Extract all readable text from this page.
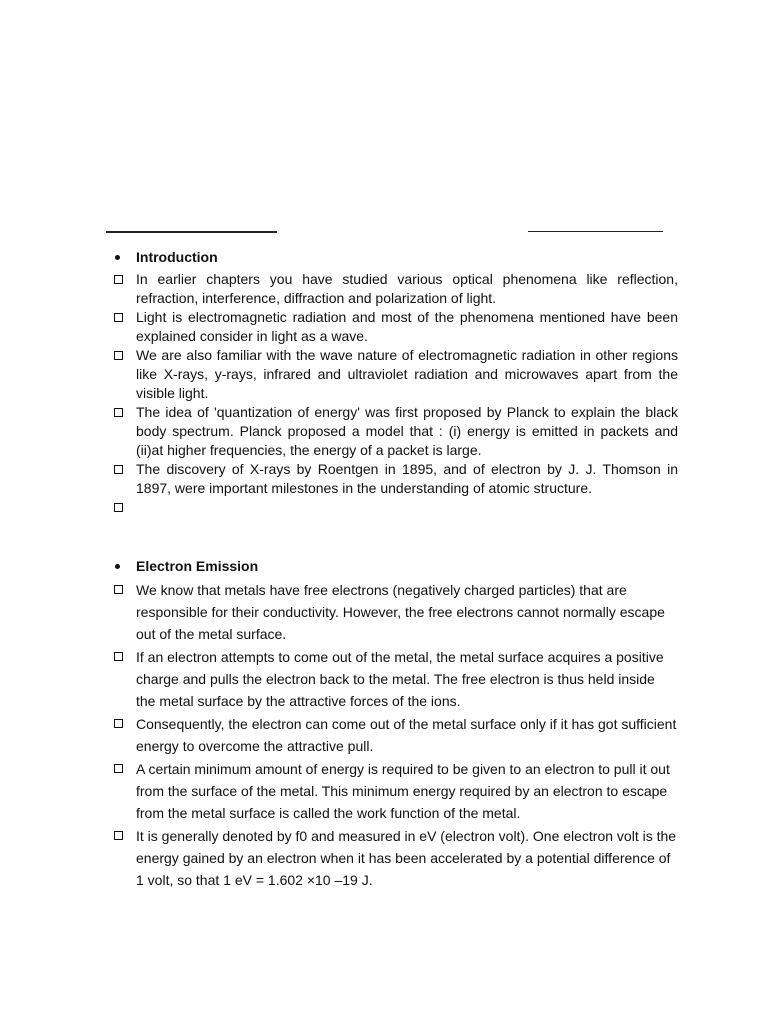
Introduction
In earlier chapters you have studied various optical phenomena like reflection, refraction, interference, diffraction and polarization of light.
Light is electromagnetic radiation and most of the phenomena mentioned have been explained consider in light as a wave.
We are also familiar with the wave nature of electromagnetic radiation in other regions like X-rays, y-rays, infrared and ultraviolet radiation and microwaves apart from the visible light.
The idea of 'quantization of energy' was first proposed by Planck to explain the black body spectrum. Planck proposed a model that : (i) energy is emitted in packets and (ii)at higher frequencies, the energy of a packet is large.
The discovery of X-rays by Roentgen in 1895, and of electron by J. J. Thomson in 1897, were important milestones in the understanding of atomic structure.
Electron Emission
We know that metals have free electrons (negatively charged particles) that are responsible for their conductivity. However, the free electrons cannot normally escape out of the metal surface.
If an electron attempts to come out of the metal, the metal surface acquires a positive charge and pulls the electron back to the metal. The free electron is thus held inside the metal surface by the attractive forces of the ions.
Consequently, the electron can come out of the metal surface only if it has got sufficient energy to overcome the attractive pull.
A certain minimum amount of energy is required to be given to an electron to pull it out from the surface of the metal. This minimum energy required by an electron to escape from the metal surface is called the work function of the metal.
It is generally denoted by f0 and measured in eV (electron volt). One electron volt is the energy gained by an electron when it has been accelerated by a potential difference of 1 volt, so that 1 eV = 1.602 ×10 –19 J.
